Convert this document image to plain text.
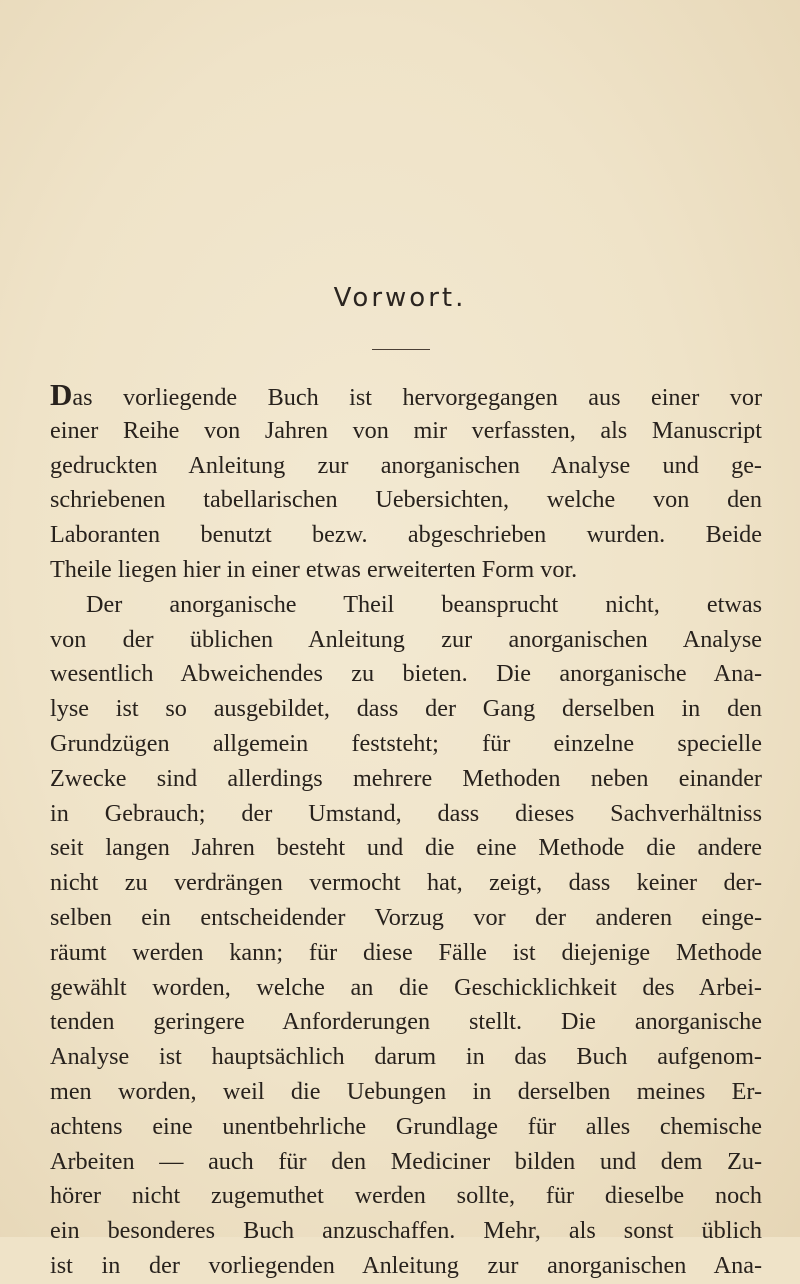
Vorwort.
Das vorliegende Buch ist hervorgegangen aus einer vor
einer Reihe von Jahren von mir verfassten, als Manuscript
gedruckten Anleitung zur anorganischen Analyse und ge-
schriebenen tabellarischen Uebersichten, welche von den
Laboranten benutzt bezw. abgeschrieben wurden. Beide
Theile liegen hier in einer etwas erweiterten Form vor.
Der anorganische Theil beansprucht nicht, etwas
von der üblichen Anleitung zur anorganischen Analyse
wesentlich Abweichendes zu bieten. Die anorganische Ana-
lyse ist so ausgebildet, dass der Gang derselben in den
Grundzügen allgemein feststeht; für einzelne specielle
Zwecke sind allerdings mehrere Methoden neben einander
in Gebrauch; der Umstand, dass dieses Sachverhältniss
seit langen Jahren besteht und die eine Methode die andere
nicht zu verdrängen vermocht hat, zeigt, dass keiner der-
selben ein entscheidender Vorzug vor der anderen einge-
räumt werden kann; für diese Fälle ist diejenige Methode
gewählt worden, welche an die Geschicklichkeit des Arbei-
tenden geringere Anforderungen stellt. Die anorganische
Analyse ist hauptsächlich darum in das Buch aufgenom-
men worden, weil die Uebungen in derselben meines Er-
achtens eine unentbehrliche Grundlage für alles chemische
Arbeiten — auch für den Mediciner bilden und dem Zu-
hörer nicht zugemuthet werden sollte, für dieselbe noch
ein besonderes Buch anzuschaffen. Mehr, als sonst üblich
ist in der vorliegenden Anleitung zur anorganischen Ana-
